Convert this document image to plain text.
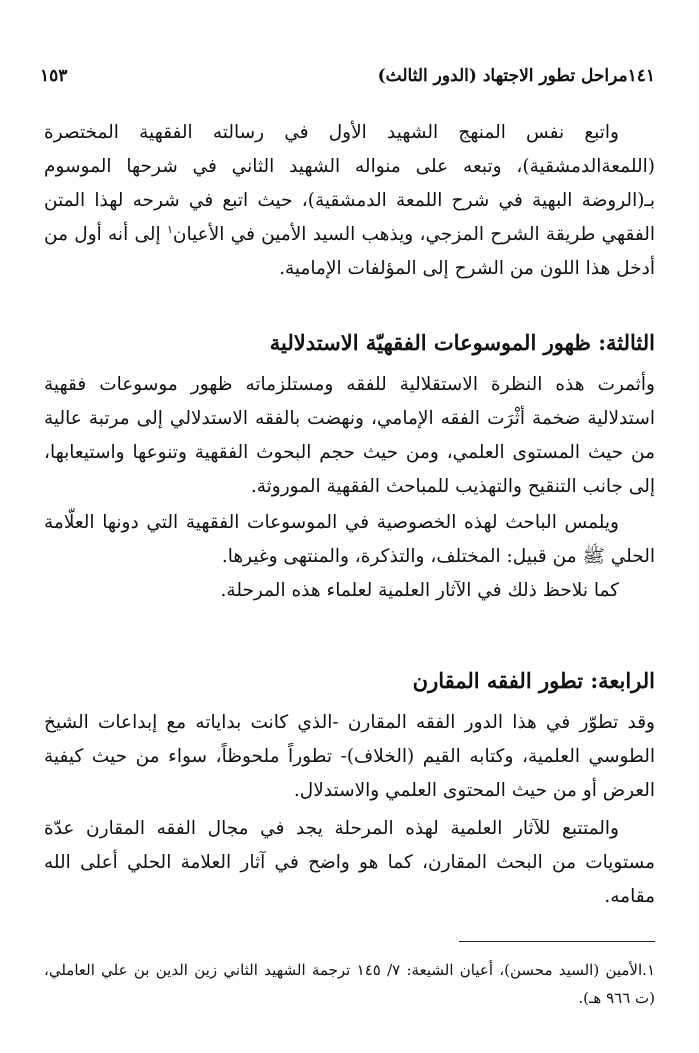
١٤١مراحل تطور الاجتهاد (الدور الثالث)
١٥٣

واتبع نفس المنهج الشهيد الأول في رسالته الفقهية المختصرة (اللمعةالدمشقية)، وتبعه على منواله الشهيد الثاني في شرحها الموسوم بـ(الروضة البهية في شرح اللمعة الدمشقية)، حيث اتبع في شرحه لهذا المتن الفقهي طريقة الشرح المزجي، ويذهب السيد الأمين في الأعيان$^١$ إلى أنه أول من أدخل هذا اللون من الشرح إلى المؤلفات الإمامية.

الثالثة: ظهور الموسوعات الفقهيّة الاستدلالية

وأثمرت هذه النظرة الاستقلالية للفقه ومستلزماته ظهور موسوعات فقهية استدلالية ضخمة أثْرَت الفقه الإمامي، ونهضت بالفقه الاستدلالي إلى مرتبة عالية من حيث المستوى العلمي، ومن حيث حجم البحوث الفقهية وتنوعها واستيعابها، إلى جانب التنقيح والتهذيب للمباحث الفقهية الموروثة.

ويلمس الباحث لهذه الخصوصية في الموسوعات الفقهية التي دونها العلّامة الحلي ﷺ من قبيل: المختلف، والتذكرة، والمنتهى وغيرها.

كما نلاحظ ذلك في الآثار العلمية لعلماء هذه المرحلة.

الرابعة: تطور الفقه المقارن

وقد تطوّر في هذا الدور الفقه المقارن -الذي كانت بداياته مع إبداعات الشيخ الطوسي العلمية، وكتابه القيم (الخلاف)- تطوراً ملحوظاً، سواء من حيث كيفية العرض أو من حيث المحتوى العلمي والاستدلال.

والمتتبع للآثار العلمية لهذه المرحلة يجد في مجال الفقه المقارن عدّة مستويات من البحث المقارن، كما هو واضح في آثار العلامة الحلي أعلى الله مقامه.

١.الأمين (السيد محسن)، أعيان الشيعة: ٧/ ١٤٥ ترجمة الشهيد الثاني زين الدين بن علي العاملي، (ت ٩٦٦ هـ).
